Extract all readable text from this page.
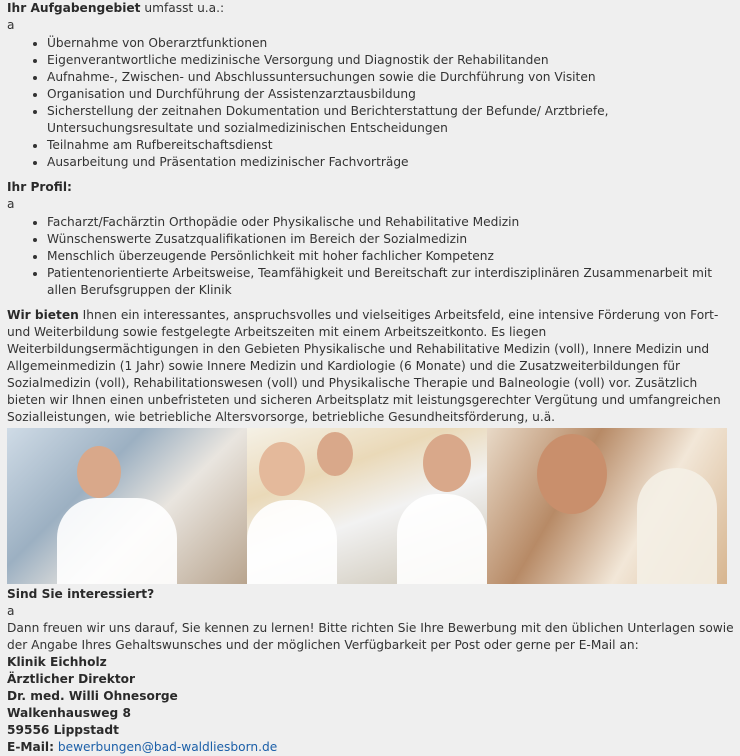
Ihr Aufgabengebiet umfasst u.a.:

a

• Übernahme von Oberarztfunktionen
• Eigenverantwortliche medizinische Versorgung und Diagnostik der Rehabilitanden
• Aufnahme-, Zwischen- und Abschlussuntersuchungen sowie die Durchführung von Visiten
• Organisation und Durchführung der Assistenzarztausbildung
• Sicherstellung der zeitnahen Dokumentation und Berichterstattung der Befunde/ Arztbriefe, Untersuchungsresultate und sozialmedizinischen Entscheidungen
• Teilnahme am Rufbereitschaftsdienst
• Ausarbeitung und Präsentation medizinischer Fachvorträge

Ihr Profil:

a

• Facharzt/Fachärztin Orthopädie oder Physikalische und Rehabilitative Medizin
• Wünschenswerte Zusatzqualifikationen im Bereich der Sozialmedizin
• Menschlich überzeugende Persönlichkeit mit hoher fachlicher Kompetenz
• Patientenorientierte Arbeitsweise, Teamfähigkeit und Bereitschaft zur interdisziplinären Zusammenarbeit mit allen Berufsgruppen der Klinik

Wir bieten Ihnen ein interessantes, anspruchsvolles und vielseitiges Arbeitsfeld, eine intensive Förderung von Fort- und Weiterbildung sowie festgelegte Arbeitszeiten mit einem Arbeitszeitkonto. Es liegen Weiterbildungsermächtigungen in den Gebieten Physikalische und Rehabilitative Medizin (voll), Innere Medizin und Allgemeinmedizin (1 Jahr) sowie Innere Medizin und Kardiologie (6 Monate) und die Zusatzweiterbildungen für Sozialmedizin (voll), Rehabilitationswesen (voll) und Physikalische Therapie und Balneologie (voll) vor. Zusätzlich bieten wir Ihnen einen unbefristeten und sicheren Arbeitsplatz mit leistungsgerechter Vergütung und umfangreichen Sozialleistungen, wie betriebliche Altersvorsorge, betriebliche Gesundheitsförderung, u.ä.

Sind Sie interessiert?

a

Dann freuen wir uns darauf, Sie kennen zu lernen! Bitte richten Sie Ihre Bewerbung mit den üblichen Unterlagen sowie der Angabe Ihres Gehaltswunsches und der möglichen Verfügbarkeit per Post oder gerne per E-Mail an:

Klinik Eichholz
Ärztlicher Direktor
Dr. med. Willi Ohnesorge
Walkenhausweg 8
59556 Lippstadt

E-Mail: bewerbungen@bad-waldliesborn.de
